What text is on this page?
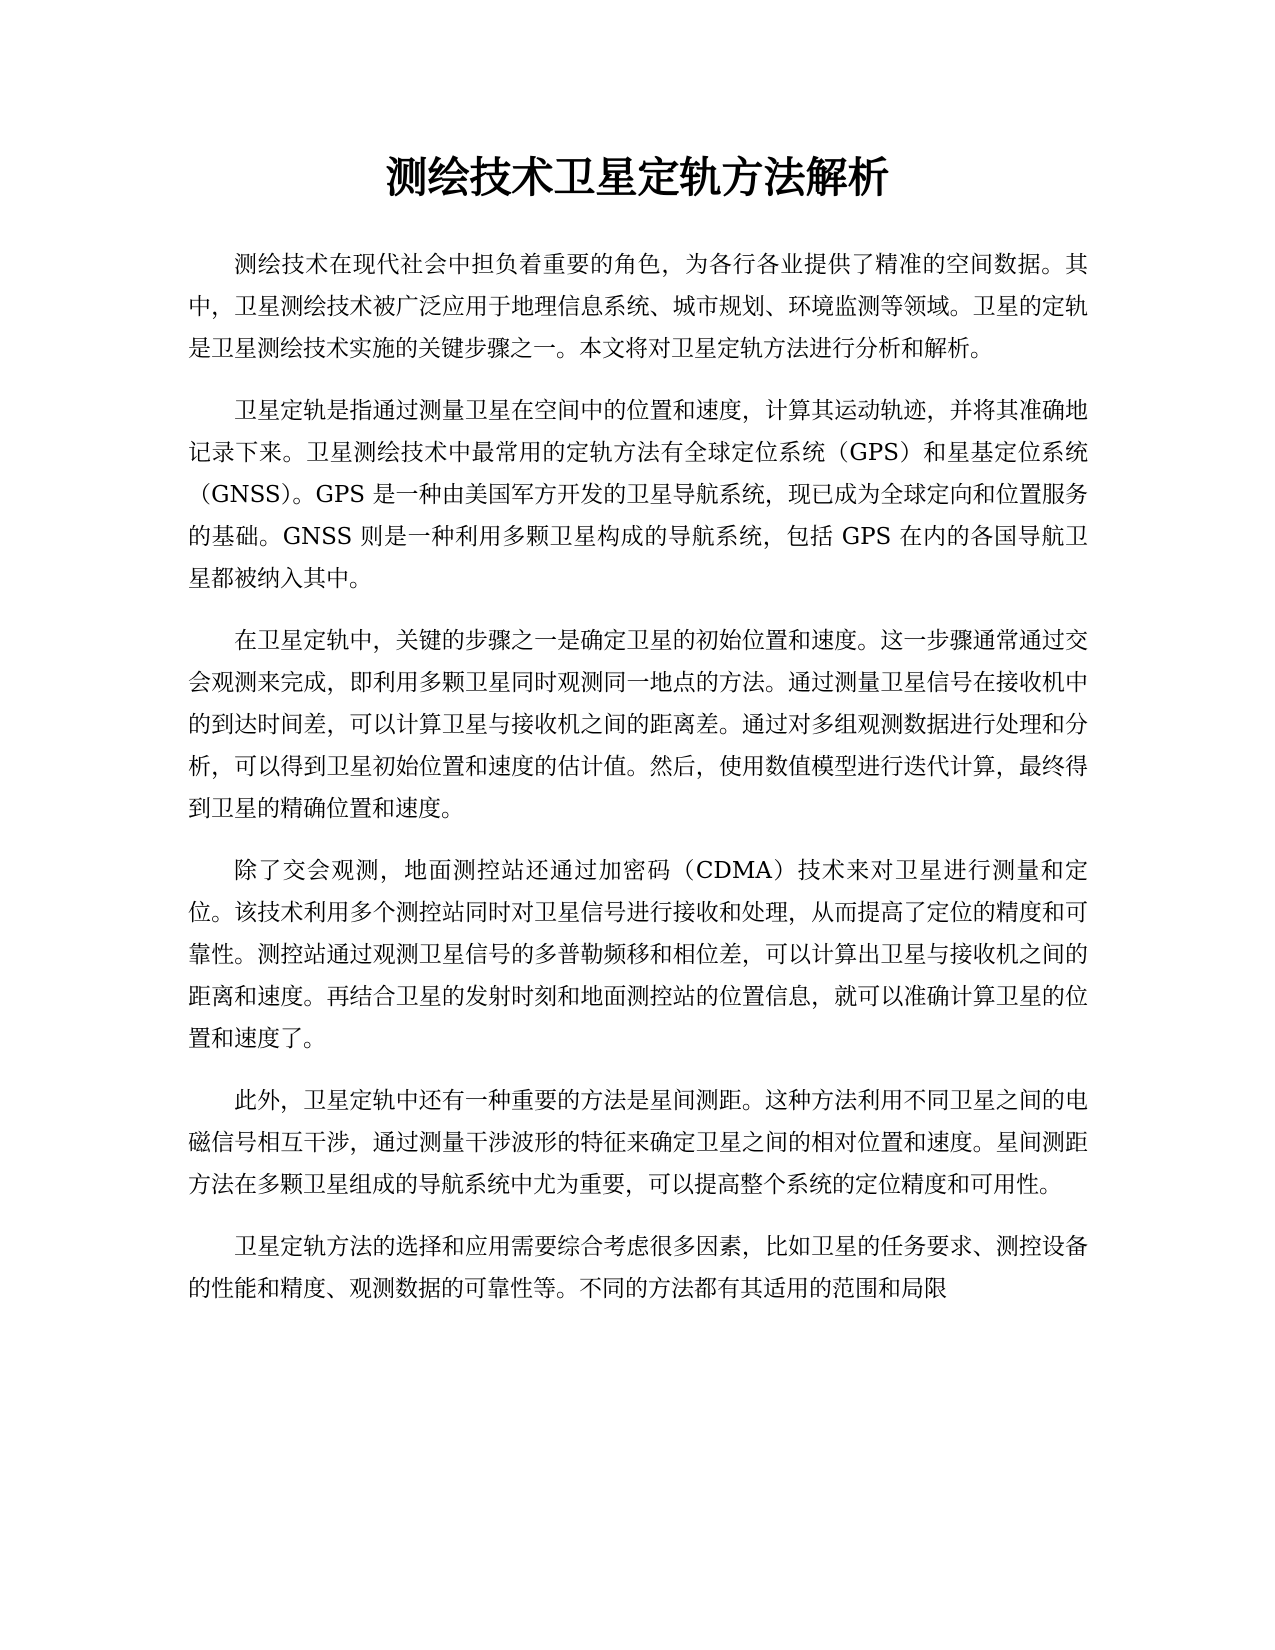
测绘技术卫星定轨方法解析

测绘技术在现代社会中担负着重要的角色，为各行各业提供了精准的空间数据。其中，卫星测绘技术被广泛应用于地理信息系统、城市规划、环境监测等领域。卫星的定轨是卫星测绘技术实施的关键步骤之一。本文将对卫星定轨方法进行分析和解析。

卫星定轨是指通过测量卫星在空间中的位置和速度，计算其运动轨迹，并将其准确地记录下来。卫星测绘技术中最常用的定轨方法有全球定位系统（GPS）和星基定位系统（GNSS）。GPS 是一种由美国军方开发的卫星导航系统，现已成为全球定向和位置服务的基础。GNSS 则是一种利用多颗卫星构成的导航系统，包括 GPS 在内的各国导航卫星都被纳入其中。

在卫星定轨中，关键的步骤之一是确定卫星的初始位置和速度。这一步骤通常通过交会观测来完成，即利用多颗卫星同时观测同一地点的方法。通过测量卫星信号在接收机中的到达时间差，可以计算卫星与接收机之间的距离差。通过对多组观测数据进行处理和分析，可以得到卫星初始位置和速度的估计值。然后，使用数值模型进行迭代计算，最终得到卫星的精确位置和速度。

除了交会观测，地面测控站还通过加密码（CDMA）技术来对卫星进行测量和定位。该技术利用多个测控站同时对卫星信号进行接收和处理，从而提高了定位的精度和可靠性。测控站通过观测卫星信号的多普勒频移和相位差，可以计算出卫星与接收机之间的距离和速度。再结合卫星的发射时刻和地面测控站的位置信息，就可以准确计算卫星的位置和速度了。

此外，卫星定轨中还有一种重要的方法是星间测距。这种方法利用不同卫星之间的电磁信号相互干涉，通过测量干涉波形的特征来确定卫星之间的相对位置和速度。星间测距方法在多颗卫星组成的导航系统中尤为重要，可以提高整个系统的定位精度和可用性。

卫星定轨方法的选择和应用需要综合考虑很多因素，比如卫星的任务要求、测控设备的性能和精度、观测数据的可靠性等。不同的方法都有其适用的范围和局限
